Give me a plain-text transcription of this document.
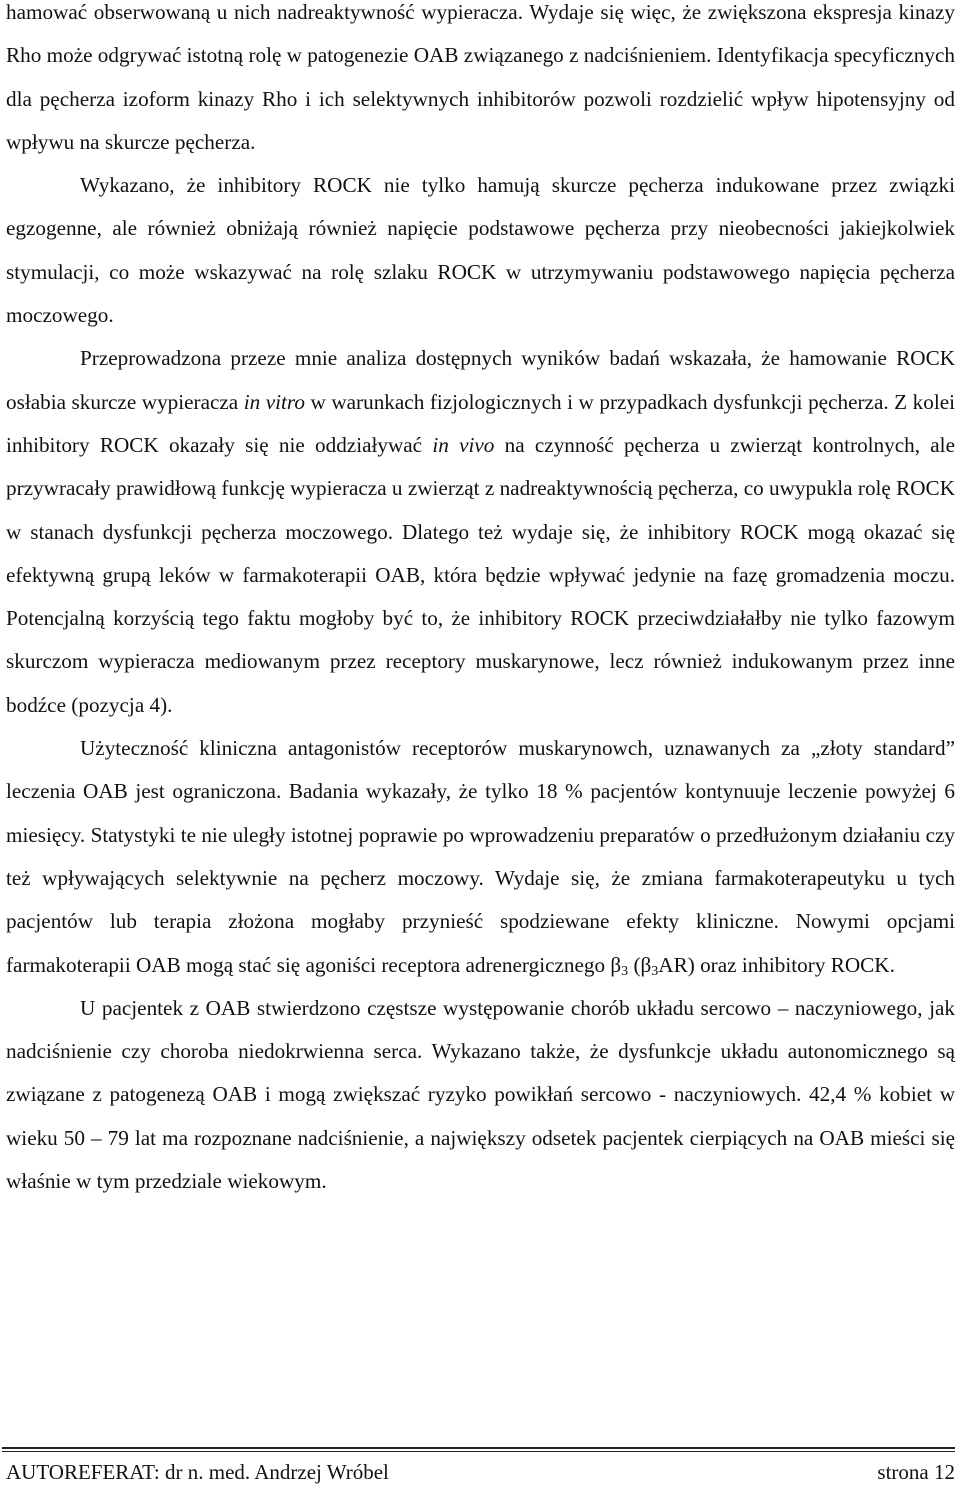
hamować obserwowaną u nich nadreaktywność wypieracza. Wydaje się więc, że zwiększona ekspresja kinazy Rho może odgrywać istotną rolę w patogenezie OAB związanego z nadciśnieniem. Identyfikacja specyficznych dla pęcherza izoform kinazy Rho i ich selektywnych inhibitorów pozwoli rozdzielić wpływ hipotensyjny od wpływu na skurcze pęcherza.

Wykazano, że inhibitory ROCK nie tylko hamują skurcze pęcherza indukowane przez związki egzogenne, ale również obniżają również napięcie podstawowe pęcherza przy nieobecności jakiejkolwiek stymulacji, co może wskazywać na rolę szlaku ROCK w utrzymywaniu podstawowego napięcia pęcherza moczowego.

Przeprowadzona przeze mnie analiza dostępnych wyników badań wskazała, że hamowanie ROCK osłabia skurcze wypieracza in vitro w warunkach fizjologicznych i w przypadkach dysfunkcji pęcherza. Z kolei inhibitory ROCK okazały się nie oddziaływać in vivo na czynność pęcherza u zwierząt kontrolnych, ale przywracały prawidłową funkcję wypieracza u zwierząt z nadreaktywnością pęcherza, co uwypukla rolę ROCK w stanach dysfunkcji pęcherza moczowego. Dlatego też wydaje się, że inhibitory ROCK mogą okazać się efektywną grupą leków w farmakoterapii OAB, która będzie wpływać jedynie na fazę gromadzenia moczu. Potencjalną korzyścią tego faktu mogłoby być to, że inhibitory ROCK przeciwdziałałby nie tylko fazowym skurczom wypieracza mediowanym przez receptory muskarynowe, lecz również indukowanym przez inne bodźce (pozycja 4).

Użyteczność kliniczna antagonistów receptorów muskarynowch, uznawanych za „złoty standard” leczenia OAB jest ograniczona. Badania wykazały, że tylko 18 % pacjentów kontynuuje leczenie powyżej 6 miesięcy. Statystyki te nie uległy istotnej poprawie po wprowadzeniu preparatów o przedłużonym działaniu czy też wpływających selektywnie na pęcherz moczowy. Wydaje się, że zmiana farmakoterapeutyku u tych pacjentów lub terapia złożona mogłaby przynieść spodziewane efekty kliniczne. Nowymi opcjami farmakoterapii OAB mogą stać się agoniści receptora adrenergicznego $\beta_3$ $(\beta_3AR)$ oraz inhibitory ROCK.

U pacjentek z OAB stwierdzono częstsze występowanie chorób układu sercowo – naczyniowego, jak nadciśnienie czy choroba niedokrwienna serca. Wykazano także, że dysfunkcje układu autonomicznego są związane z patogenezą OAB i mogą zwiększać ryzyko powikłań sercowo - naczyniowych. 42,4 % kobiet w wieku 50 – 79 lat ma rozpoznane nadciśnienie, a największy odsetek pacjentek cierpiących na OAB mieści się właśnie w tym przedziale wiekowym.

AUTOREFERAT: dr n. med. Andrzej Wróbel	strona 12
